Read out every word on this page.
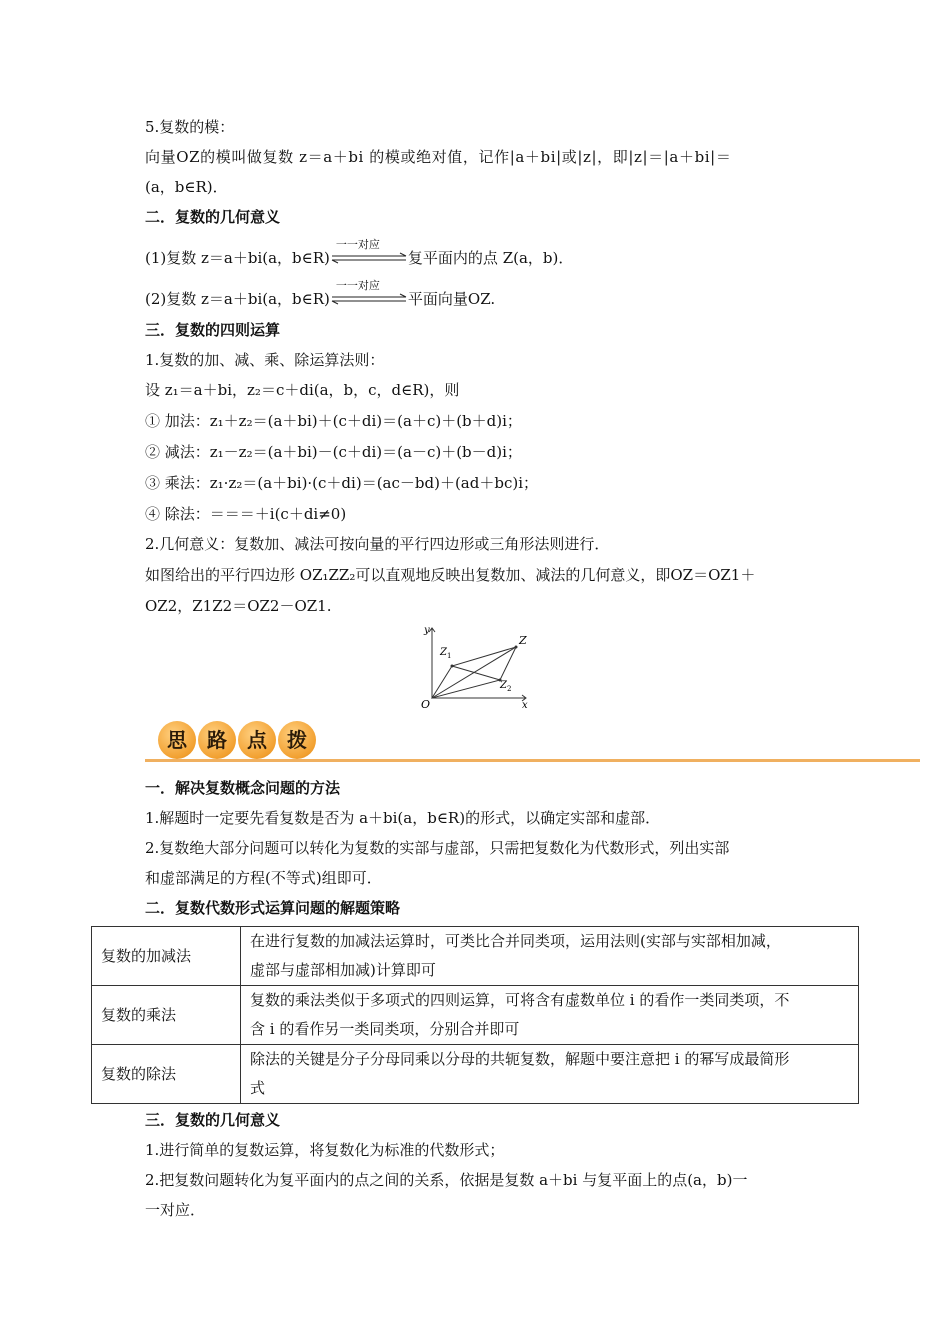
5.复数的模：
向量OZ的模叫做复数 z＝a＋bi 的模或绝对值，记作|a＋bi|或|z|，即|z|＝|a＋bi|＝
(a，b∈R)．
二．复数的几何意义
(1)复数 z＝a＋bi(a，b∈R)
一一对应
复平面内的点 Z(a，b)．
(2)复数 z＝a＋bi(a，b∈R)
一一对应
平面向量OZ.
三．复数的四则运算
1.复数的加、减、乘、除运算法则：
设 z₁＝a＋bi，z₂＝c＋di(a，b，c，d∈R)，则
① 加法：z₁＋z₂＝(a＋bi)＋(c＋di)＝(a＋c)＋(b＋d)i；
② 减法：z₁－z₂＝(a＋bi)－(c＋di)＝(a－c)＋(b－d)i；
③ 乘法：z₁·z₂＝(a＋bi)·(c＋di)＝(ac－bd)＋(ad＋bc)i；
④ 除法：＝＝＝＋i(c＋di≠0)
2.几何意义：复数加、减法可按向量的平行四边形或三角形法则进行．
如图给出的平行四边形 OZ₁ZZ₂可以直观地反映出复数加、减法的几何意义，即OZ＝OZ1＋
OZ2，Z1Z2＝OZ2－OZ1.
y
x
O
Z
Z 1
Z 2
思	路	点	拨
一．解决复数概念问题的方法
1.解题时一定要先看复数是否为 a＋bi(a，b∈R)的形式，以确定实部和虚部．
2.复数绝大部分问题可以转化为复数的实部与虚部，只需把复数化为代数形式，列出实部
和虚部满足的方程(不等式)组即可．
二．复数代数形式运算问题的解题策略
复数的加减法	在进行复数的加减法运算时，可类比合并同类项，运用法则(实部与实部相加减，
虚部与虚部相加减)计算即可

复数的乘法	复数的乘法类似于多项式的四则运算，可将含有虚数单位 i 的看作一类同类项，不
含 i 的看作另一类同类项，分别合并即可

复数的除法	除法的关键是分子分母同乘以分母的共轭复数，解题中要注意把 i 的幂写成最简形
式
三．复数的几何意义
1.进行简单的复数运算，将复数化为标准的代数形式；
2.把复数问题转化为复平面内的点之间的关系，依据是复数 a＋bi 与复平面上的点(a，b)一
一对应．
